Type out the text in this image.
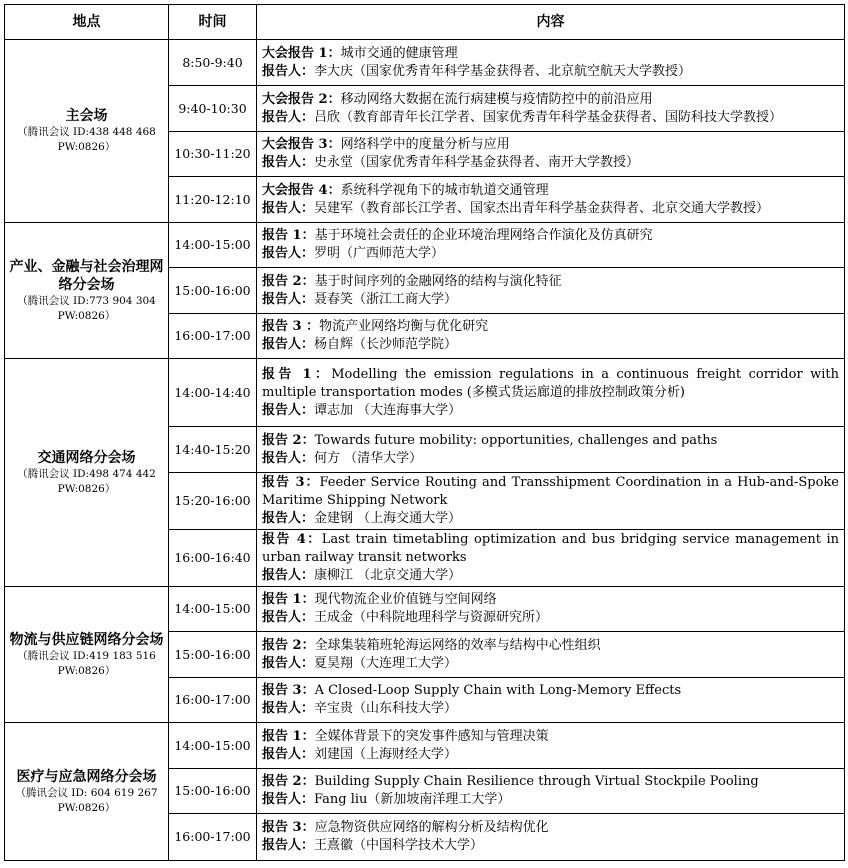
地点	时间	内容

主会场
（腾讯会议 ID:438 448 468
PW:0826）	8:50-9:40	大会报告 1：城市交通的健康管理
报告人：李大庆（国家优秀青年科学基金获得者、北京航空航天大学教授）

	9:40-10:30	大会报告 2：移动网络大数据在流行病建模与疫情防控中的前沿应用
报告人：吕欣（教育部青年长江学者、国家优秀青年科学基金获得者、国防科技大学教授）

	10:30-11:20	大会报告 3：网络科学中的度量分析与应用
报告人：史永堂（国家优秀青年科学基金获得者、南开大学教授）

	11:20-12:10	大会报告 4：系统科学视角下的城市轨道交通管理
报告人：吴建军（教育部长江学者、国家杰出青年科学基金获得者、北京交通大学教授）

产业、金融与社会治理网络分会场
（腾讯会议 ID:773 904 304
PW:0826）	14:00-15:00	报告 1：基于环境社会责任的企业环境治理网络合作演化及仿真研究
报告人：罗明（广西师范大学）

	15:00-16:00	报告 2：基于时间序列的金融网络的结构与演化特征
报告人：聂春笑（浙江工商大学）

	16:00-17:00	报告 3 ：物流产业网络均衡与优化研究
报告人：杨自辉（长沙师范学院）

交通网络分会场
（腾讯会议 ID:498 474 442
PW:0826）	14:00-14:40	报告 1：Modelling the emission regulations in a continuous freight corridor with multiple transportation modes (多模式货运廊道的排放控制政策分析)
报告人：谭志加 （大连海事大学）

	14:40-15:20	报告 2：Towards future mobility: opportunities, challenges and paths
报告人：何方 （清华大学）

	15:20-16:00	报告 3：Feeder Service Routing and Transshipment Coordination in a Hub-and-Spoke Maritime Shipping Network
报告人：金建钢 （上海交通大学）

	16:00-16:40	报告 4：Last train timetabling optimization and bus bridging service management in urban railway transit networks
报告人：康柳江 （北京交通大学）

物流与供应链网络分会场
（腾讯会议 ID:419 183 516
PW:0826）	14:00-15:00	报告 1：现代物流企业价值链与空间网络
报告人：王成金（中科院地理科学与资源研究所）

	15:00-16:00	报告 2：全球集装箱班轮海运网络的效率与结构中心性组织
报告人：夏昊翔（大连理工大学）

	16:00-17:00	报告 3：A Closed-Loop Supply Chain with Long-Memory Effects
报告人：辛宝贵（山东科技大学）

医疗与应急网络分会场
（腾讯会议 ID: 604 619 267
PW:0826）	14:00-15:00	报告 1：全媒体背景下的突发事件感知与管理决策
报告人：刘建国（上海财经大学）

	15:00-16:00	报告 2：Building Supply Chain Resilience through Virtual Stockpile Pooling
报告人：Fang liu（新加坡南洋理工大学）

	16:00-17:00	报告 3：应急物资供应网络的解构分析及结构优化
报告人：王熹徽（中国科学技术大学）
